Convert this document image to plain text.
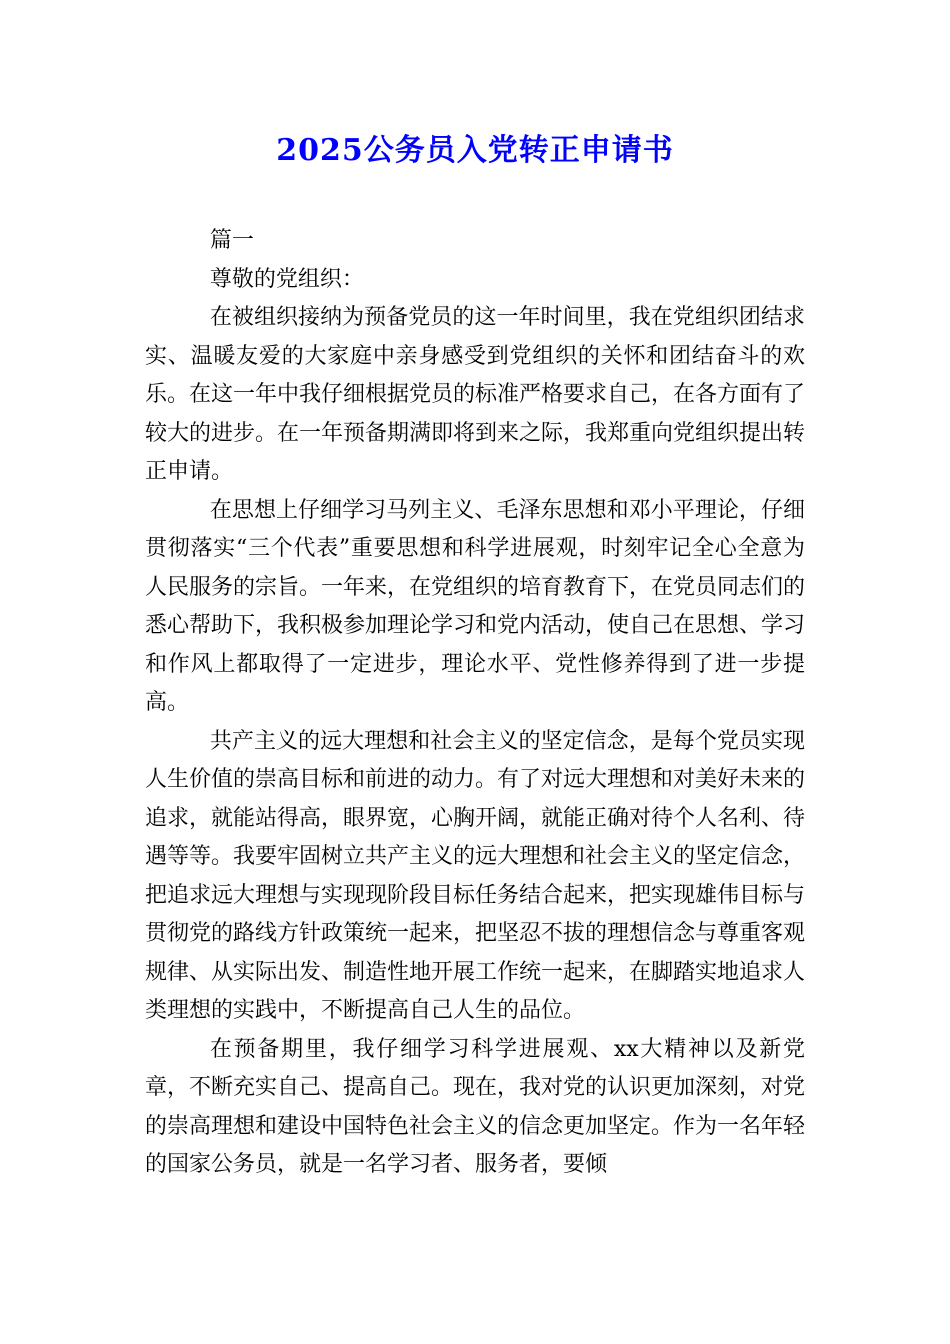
2025公务员入党转正申请书

篇一

尊敬的党组织：

在被组织接纳为预备党员的这一年时间里，我在党组织团结求实、温暖友爱的大家庭中亲身感受到党组织的关怀和团结奋斗的欢乐。在这一年中我仔细根据党员的标准严格要求自己，在各方面有了较大的进步。在一年预备期满即将到来之际，我郑重向党组织提出转正申请。

在思想上仔细学习马列主义、毛泽东思想和邓小平理论，仔细贯彻落实“三个代表”重要思想和科学进展观，时刻牢记全心全意为人民服务的宗旨。一年来，在党组织的培育教育下，在党员同志们的悉心帮助下，我积极参加理论学习和党内活动，使自己在思想、学习和作风上都取得了一定进步，理论水平、党性修养得到了进一步提高。

共产主义的远大理想和社会主义的坚定信念，是每个党员实现人生价值的崇高目标和前进的动力。有了对远大理想和对美好未来的追求，就能站得高，眼界宽，心胸开阔，就能正确对待个人名利、待遇等等。我要牢固树立共产主义的远大理想和社会主义的坚定信念，把追求远大理想与实现现阶段目标任务结合起来，把实现雄伟目标与贯彻党的路线方针政策统一起来，把坚忍不拔的理想信念与尊重客观规律、从实际出发、制造性地开展工作统一起来，在脚踏实地追求人类理想的实践中，不断提高自己人生的品位。

在预备期里，我仔细学习科学进展观、xx大精神以及新党章，不断充实自己、提高自己。现在，我对党的认识更加深刻，对党的崇高理想和建设中国特色社会主义的信念更加坚定。作为一名年轻的国家公务员，就是一名学习者、服务者，要倾
